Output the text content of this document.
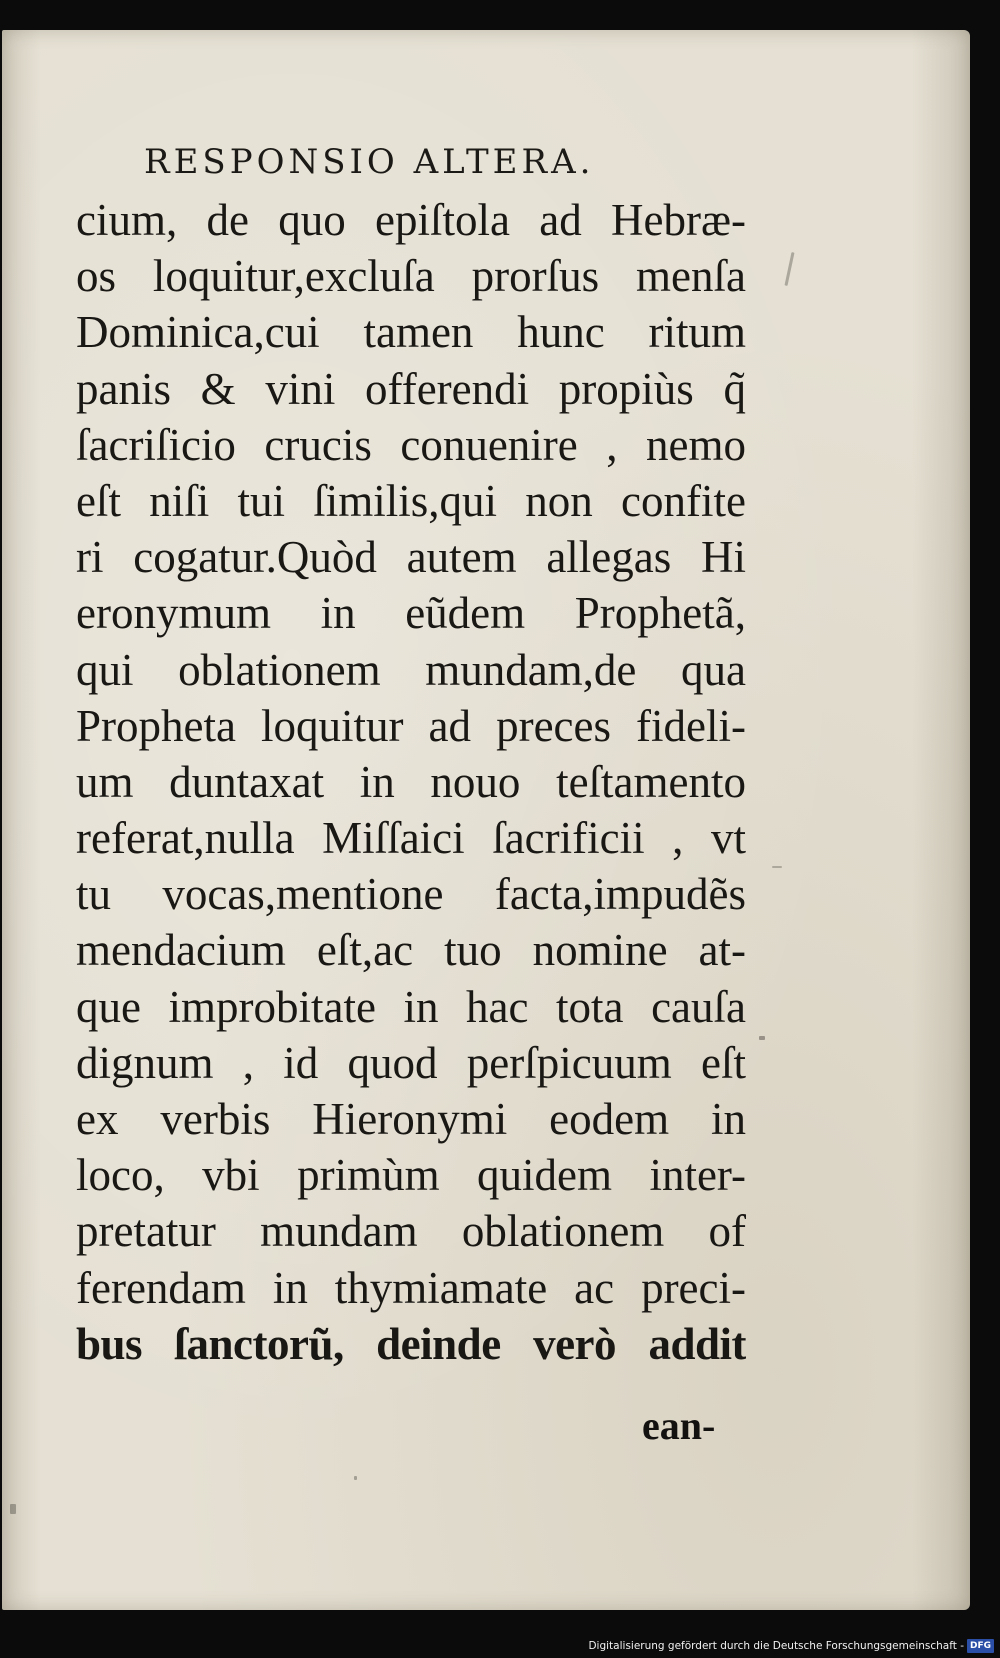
RESPONSIO ALTERA.
cium, de quo epiſtola ad Hebræ-
os loquitur,excluſa prorſus menſa
Dominica,cui tamen hunc ritum
panis & vini offerendi propiùs q̃
ſacriſicio crucis conuenire , nemo
eſt niſi tui ſimilis,qui non confite
ri cogatur.Quòd autem allegas Hi
eronymum in eũdem Prophetã,
qui oblationem mundam,de qua
Propheta loquitur ad preces fideli-
um duntaxat in nouo teſtamento
referat,nulla Miſſaici ſacrificii , vt
tu vocas,mentione facta,impudẽs
mendacium eſt,ac tuo nomine at-
que improbitate in hac tota cauſa
dignum , id quod perſpicuum eſt
ex verbis Hieronymi eodem in
loco, vbi primùm quidem inter-
pretatur mundam oblationem of
ferendam in thymiamate ac preci-
bus ſanctorũ, deinde verò addit
ean-
Digitalisierung gefördert durch die Deutsche Forschungsgemeinschaft - DFG
